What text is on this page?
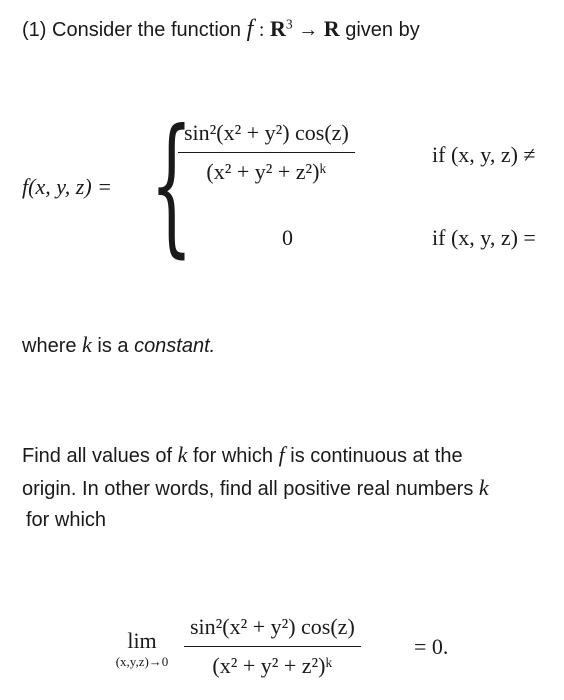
(1) Consider the function f : $R^3 \to R$ given by
f(x, y, z) = {
$\frac{\text{sin²(x² + y²) cos(z)}}{\text{(x² + y² + z²)ᵏ}}$	if (x, y, z) ≠
0	if (x, y, z) =
where k is a constant.
Find all values of k for which f is continuous at the
origin. In other words, find all positive real numbers k
for which
lim
$(x,y,z)\to 0 \frac{\text{sin²(x² + y²) cos(z)}}{\text{(x² + y² + z²)ᵏ}} = 0$.
